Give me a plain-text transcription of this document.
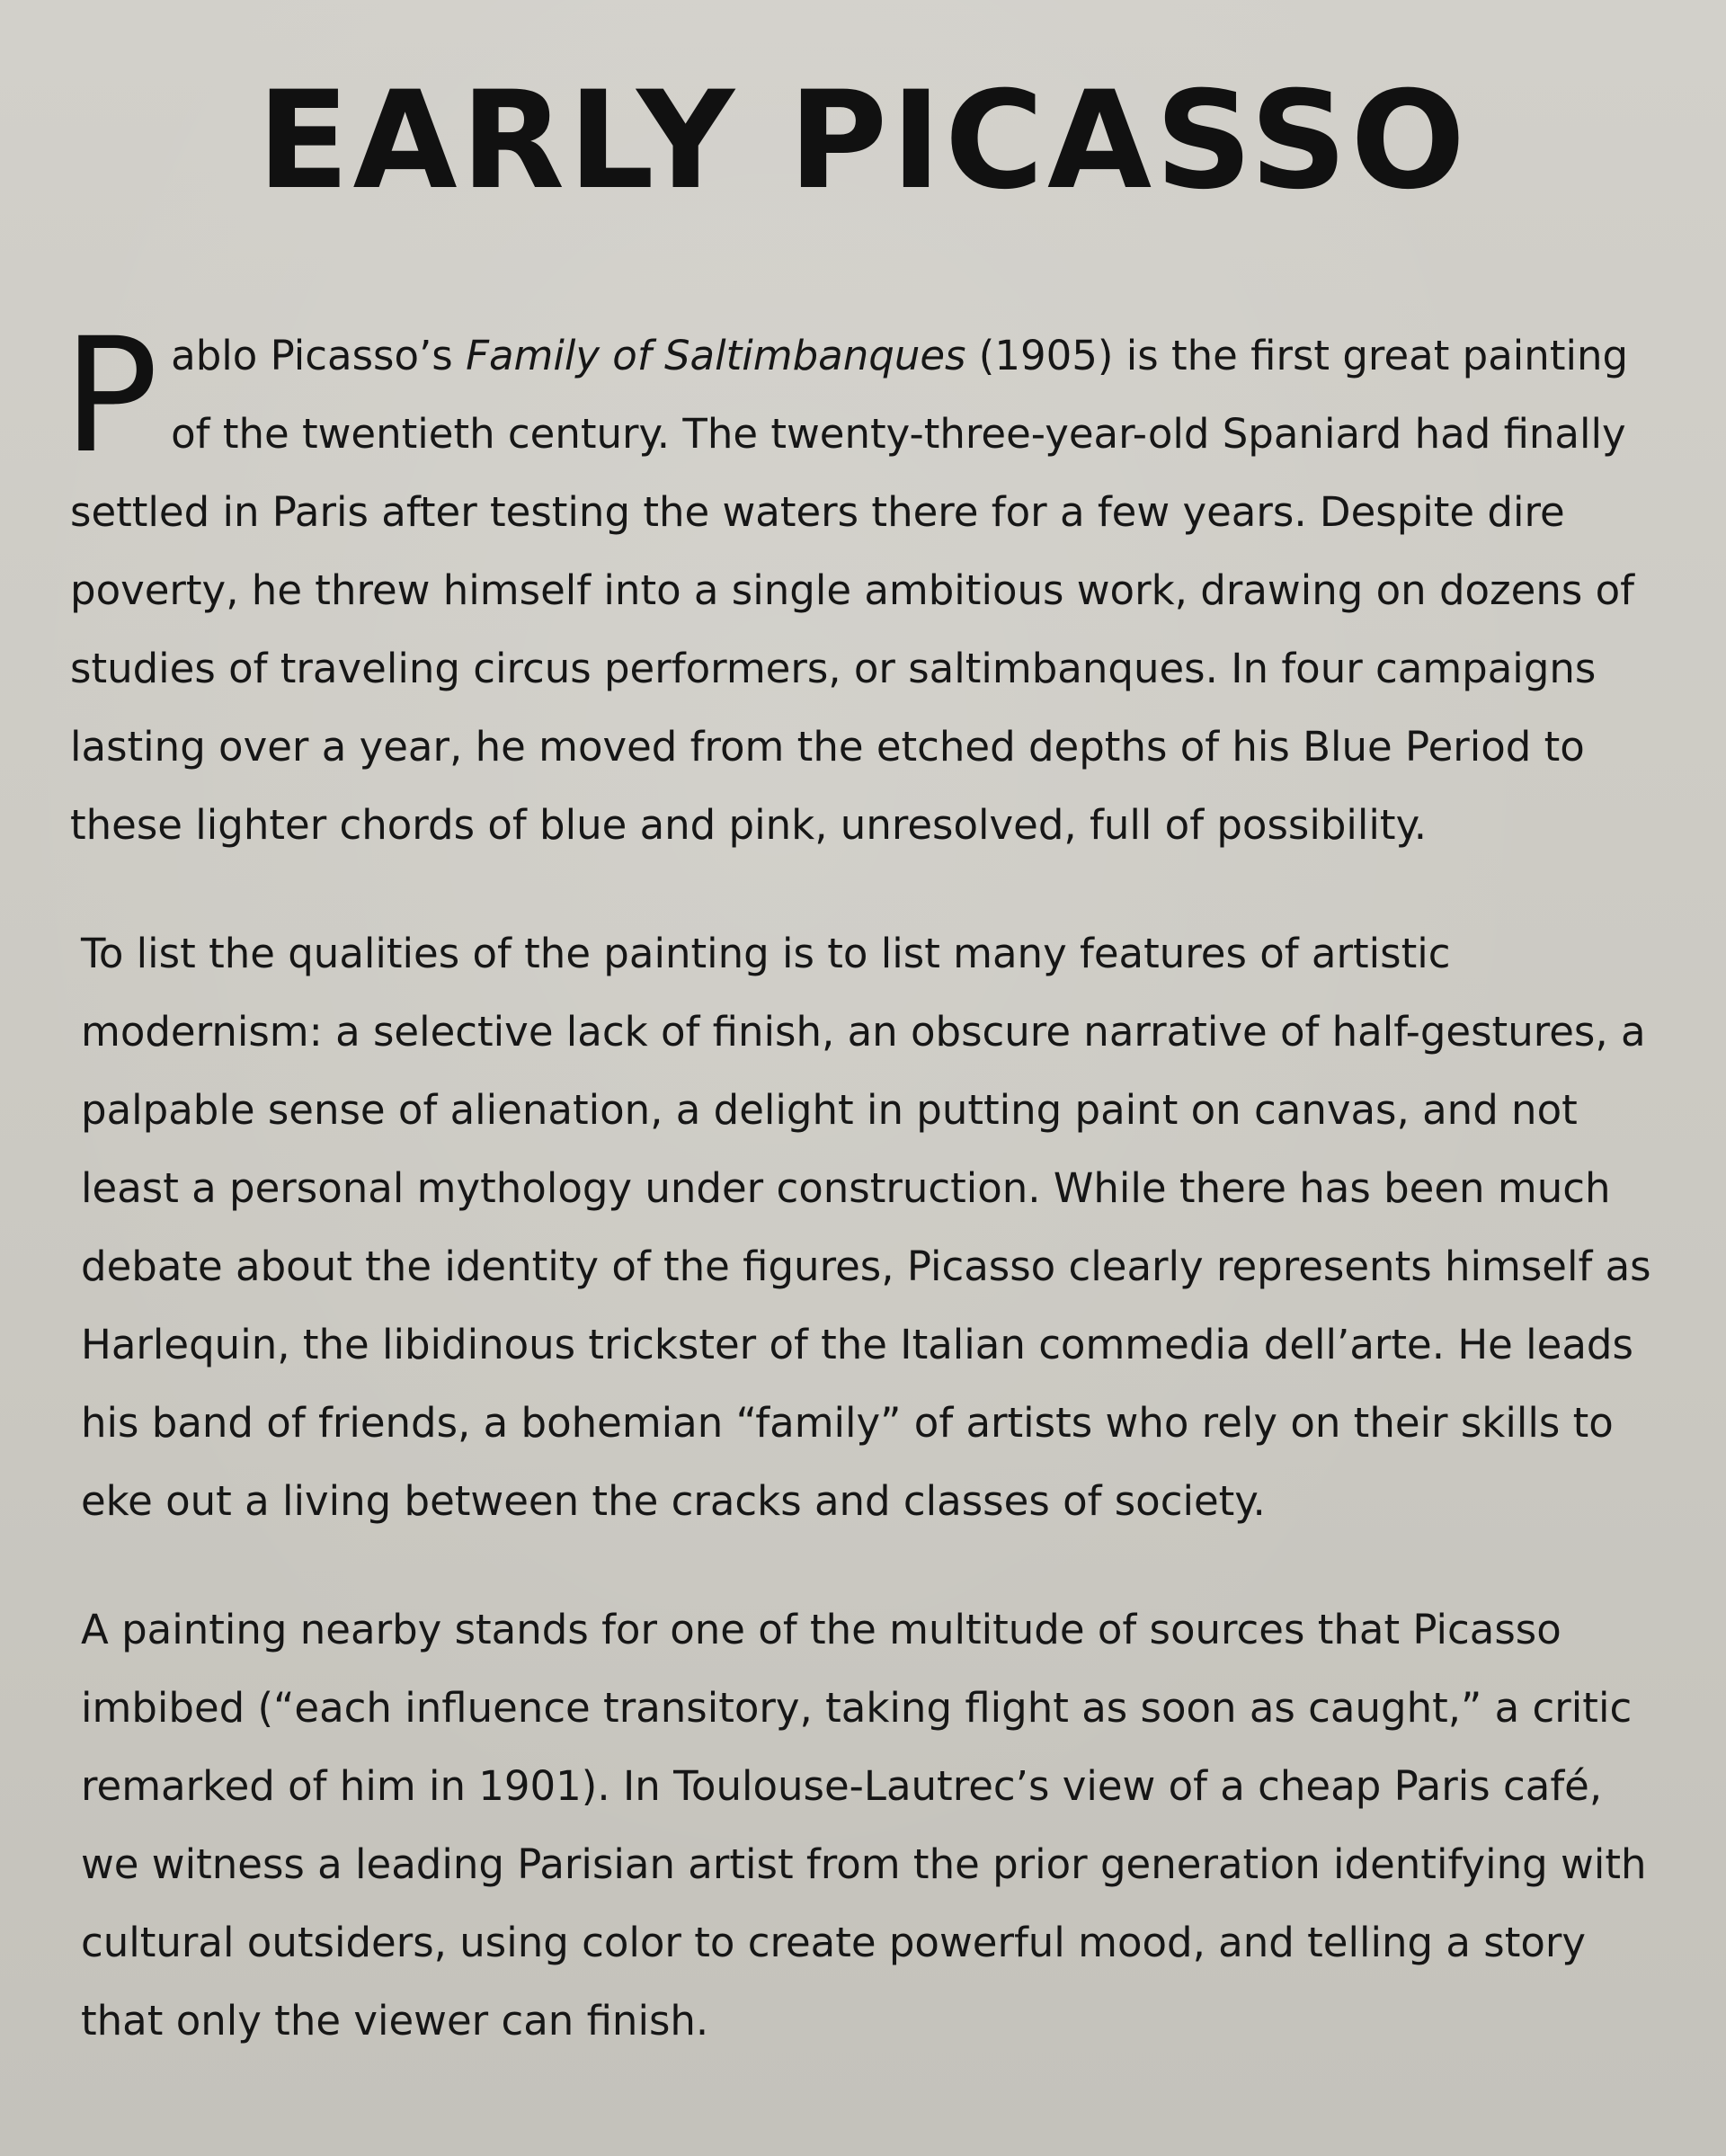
EARLY PICASSO

Pablo Picasso’s Family of Saltimbanques (1905) is the first great painting of the twentieth century. The twenty-three-year-old Spaniard had finally settled in Paris after testing the waters there for a few years. Despite dire poverty, he threw himself into a single ambitious work, drawing on dozens of studies of traveling circus performers, or saltimbanques. In four campaigns lasting over a year, he moved from the etched depths of his Blue Period to these lighter chords of blue and pink, unresolved, full of possibility.

To list the qualities of the painting is to list many features of artistic modernism: a selective lack of finish, an obscure narrative of half-gestures, a palpable sense of alienation, a delight in putting paint on canvas, and not least a personal mythology under construction. While there has been much debate about the identity of the figures, Picasso clearly represents himself as Harlequin, the libidinous trickster of the Italian commedia dell’arte. He leads his band of friends, a bohemian “family” of artists who rely on their skills to eke out a living between the cracks and classes of society.

A painting nearby stands for one of the multitude of sources that Picasso imbibed (“each influence transitory, taking flight as soon as caught,” a critic remarked of him in 1901). In Toulouse-Lautrec’s view of a cheap Paris café, we witness a leading Parisian artist from the prior generation identifying with cultural outsiders, using color to create powerful mood, and telling a story that only the viewer can finish.
